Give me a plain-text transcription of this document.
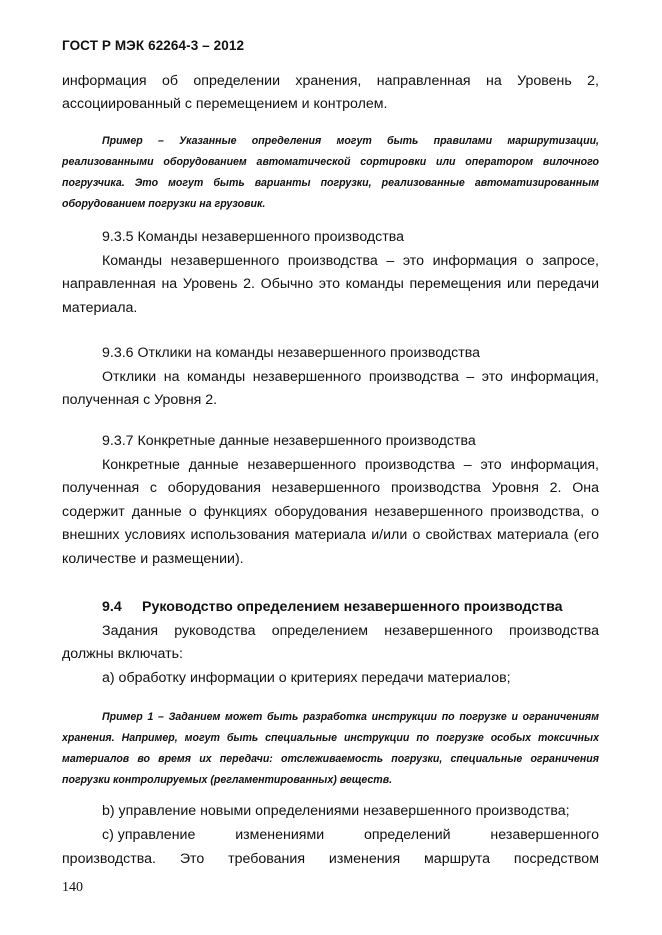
ГОСТ Р МЭК 62264-3 – 2012

информация об определении хранения, направленная на Уровень 2, ассоциированный с перемещением и контролем.

Пример – Указанные определения могут быть правилами маршрутизации, реализованными оборудованием автоматической сортировки или оператором вилочного погрузчика. Это могут быть варианты погрузки, реализованные автоматизированным оборудованием погрузки на грузовик.

9.3.5 Команды незавершенного производства

Команды незавершенного производства – это информация о запросе, направленная на Уровень 2. Обычно это команды перемещения или передачи материала.

9.3.6 Отклики на команды незавершенного производства

Отклики на команды незавершенного производства – это информация, полученная с Уровня 2.

9.3.7 Конкретные данные незавершенного производства

Конкретные данные незавершенного производства – это информация, полученная с оборудования незавершенного производства Уровня 2. Она содержит данные о функциях оборудования незавершенного производства, о внешних условиях использования материала и/или о свойствах материала (его количестве и размещении).

9.4 Руководство определением незавершенного производства

Задания руководства определением незавершенного производства должны включать:

a) обработку информации о критериях передачи материалов;

Пример 1 – Заданием может быть разработка инструкции по погрузке и ограничениям хранения. Например, могут быть специальные инструкции по погрузке особых токсичных материалов во время их передачи: отслеживаемость погрузки, специальные ограничения погрузки контролируемых (регламентированных) веществ.

b) управление новыми определениями незавершенного производства;
c) управление	изменениями	определений	незавершенного
производства. Это требования изменения маршрута посредством
140
